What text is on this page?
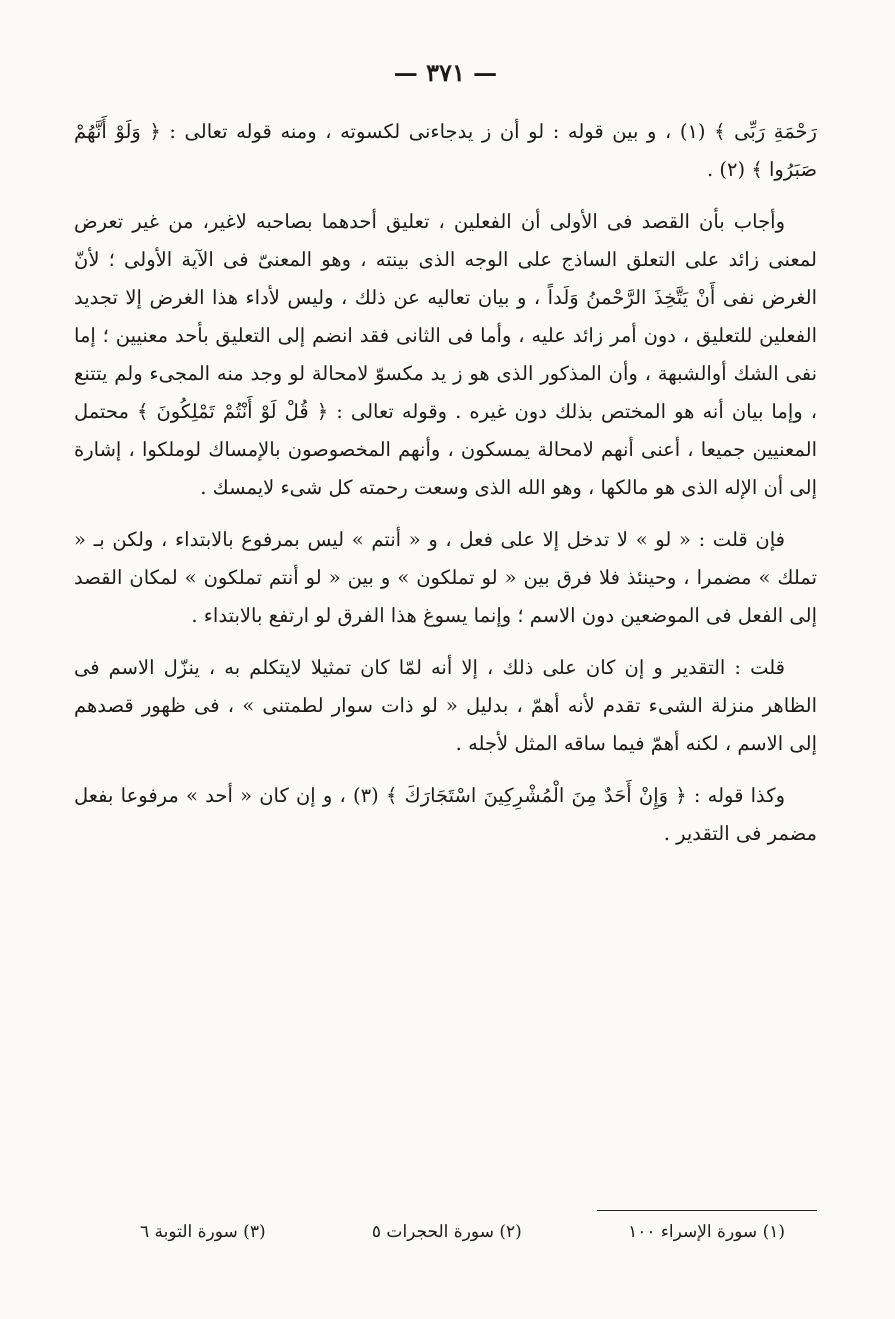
— ٣٧١ —

رَحْمَةِ رَبِّى ﴾ (١) ، و بين قوله : لو أن ز يدجاءنى لكسوته ، ومنه قوله تعالى : ﴿ وَلَوْ أَنَّهُمْ صَبَرُوا ﴾ (٢) .

وأجاب بأن القصد فى الأولى أن الفعلين ، تعليق أحدهما بصاحبه لاغير، من غير تعرض لمعنى زائد على التعلق الساذج على الوجه الذى بينته ، وهو المعنىّ فى الآية الأولى ؛ لأنّ الغرض نفى أَنْ يَتَّخِذَ الرَّحْمنُ وَلَداً ، و بيان تعاليه عن ذلك ، وليس لأداء هذا الغرض إلا تجديد الفعلين للتعليق ، دون أمر زائد عليه ، وأما فى الثانى فقد انضم إلى التعليق بأحد معنيين ؛ إما نفى الشك أوالشبهة ، وأن المذكور الذى هو ز يد مكسوّ لامحالة لو وجد منه المجىء ولم يتتنع ، وإما بيان أنه هو المختص بذلك دون غيره . وقوله تعالى : ﴿ قُلْ لَوْ أَنْتُمْ تَمْلِكُونَ ﴾ محتمل المعنيين جميعا ، أعنى أنهم لامحالة يمسكون ، وأنهم المخصوصون بالإمساك لوملكوا ، إشارة إلى أن الإله الذى هو مالكها ، وهو الله الذى وسعت رحمته كل شىء لايمسك .

فإن قلت : « لو » لا تدخل إلا على فعل ، و « أنتم » ليس بمرفوع بالابتداء ، ولكن بـ « تملك » مضمرا ، وحينئذ فلا فرق بين « لو تملكون » و بين « لو أنتم تملكون » لمكان القصد إلى الفعل فى الموضعين دون الاسم ؛ وإنما يسوغ هذا الفرق لو ارتفع بالابتداء .

قلت : التقدير و إن كان على ذلك ، إلا أنه لمّا كان تمثيلا لايتكلم به ، ينزّل الاسم فى الظاهر منزلة الشىء تقدم لأنه أهمّ ، بدليل « لو ذات سوار لطمتنى » ، فى ظهور قصدهم إلى الاسم ، لكنه أهمّ فيما ساقه المثل لأجله .

وكذا قوله : ﴿ وَإِنْ أَحَدٌ مِنَ الْمُشْرِكِينَ اسْتَجَارَكَ ﴾ (٣) ، و إن كان « أحد » مرفوعا بفعل مضمر فى التقدير .

(١) سورة الإسراء ١٠٠
(٢) سورة الحجرات ٥
(٣) سورة التوبة ٦
